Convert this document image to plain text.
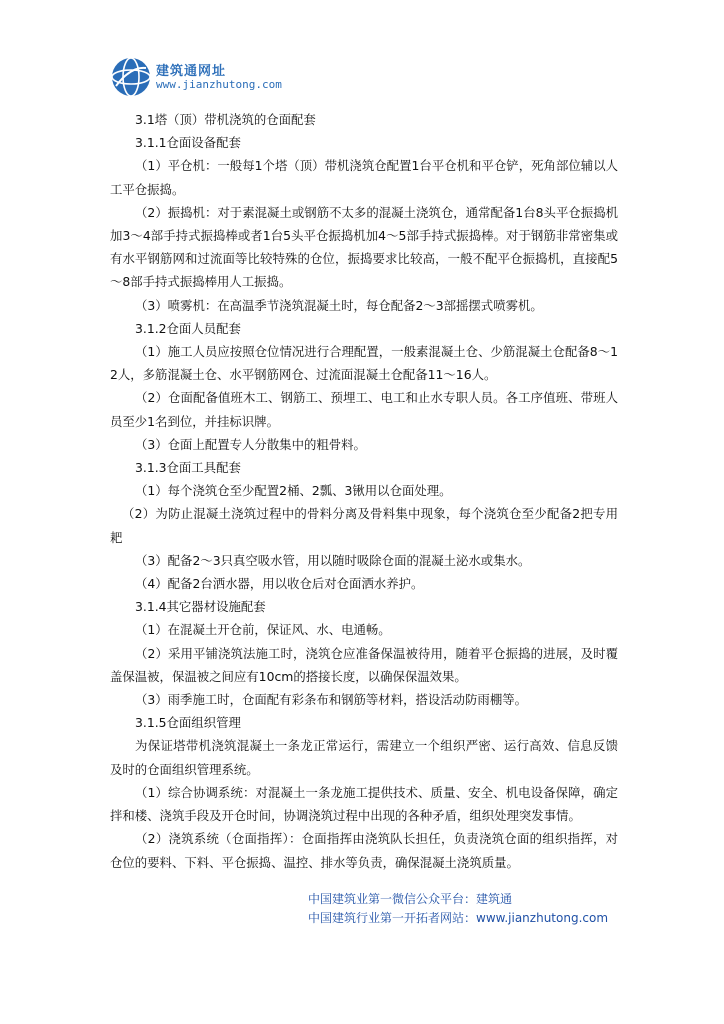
建筑通网址
www.jianzhutong.com

3.1塔（顶）带机浇筑的仓面配套

3.1.1仓面设备配套

（1）平仓机：一般每1个塔（顶）带机浇筑仓配置1台平仓机和平仓铲，死角部位辅以人工平仓振捣。

（2）振捣机：对于素混凝土或钢筋不太多的混凝土浇筑仓，通常配备1台8头平仓振捣机加3～4部手持式振捣棒或者1台5头平仓振捣机加4～5部手持式振捣棒。对于钢筋非常密集或有水平钢筋网和过流面等比较特殊的仓位，振捣要求比较高，一般不配平仓振捣机，直接配5～8部手持式振捣棒用人工振捣。

（3）喷雾机：在高温季节浇筑混凝土时，每仓配备2～3部摇摆式喷雾机。

3.1.2仓面人员配套

（1）施工人员应按照仓位情况进行合理配置，一般素混凝土仓、少筋混凝土仓配备8～12人，多筋混凝土仓、水平钢筋网仓、过流面混凝土仓配备11～16人。

（2）仓面配备值班木工、钢筋工、预埋工、电工和止水专职人员。各工序值班、带班人员至少1名到位，并挂标识牌。

（3）仓面上配置专人分散集中的粗骨料。

3.1.3仓面工具配套

（1）每个浇筑仓至少配置2桶、2瓢、3锹用以仓面处理。

（2）为防止混凝土浇筑过程中的骨料分离及骨料集中现象，每个浇筑仓至少配备2把专用耙

（3）配备2～3只真空吸水管，用以随时吸除仓面的混凝土泌水或集水。

（4）配备2台洒水器，用以收仓后对仓面洒水养护。

3.1.4其它器材设施配套

（1）在混凝土开仓前，保证风、水、电通畅。

（2）采用平铺浇筑法施工时，浇筑仓应准备保温被待用，随着平仓振捣的进展，及时覆盖保温被，保温被之间应有10cm的搭接长度，以确保保温效果。

（3）雨季施工时，仓面配有彩条布和钢筋等材料，搭设活动防雨棚等。

3.1.5仓面组织管理

为保证塔带机浇筑混凝土一条龙正常运行，需建立一个组织严密、运行高效、信息反馈及时的仓面组织管理系统。

（1）综合协调系统：对混凝土一条龙施工提供技术、质量、安全、机电设备保障，确定拌和楼、浇筑手段及开仓时间，协调浇筑过程中出现的各种矛盾，组织处理突发事情。

（2）浇筑系统（仓面指挥）：仓面指挥由浇筑队长担任，负责浇筑仓面的组织指挥，对仓位的要料、下料、平仓振捣、温控、排水等负责，确保混凝土浇筑质量。

中国建筑业第一微信公众平台：建筑通
中国建筑行业第一开拓者网站：www.jianzhutong.com
